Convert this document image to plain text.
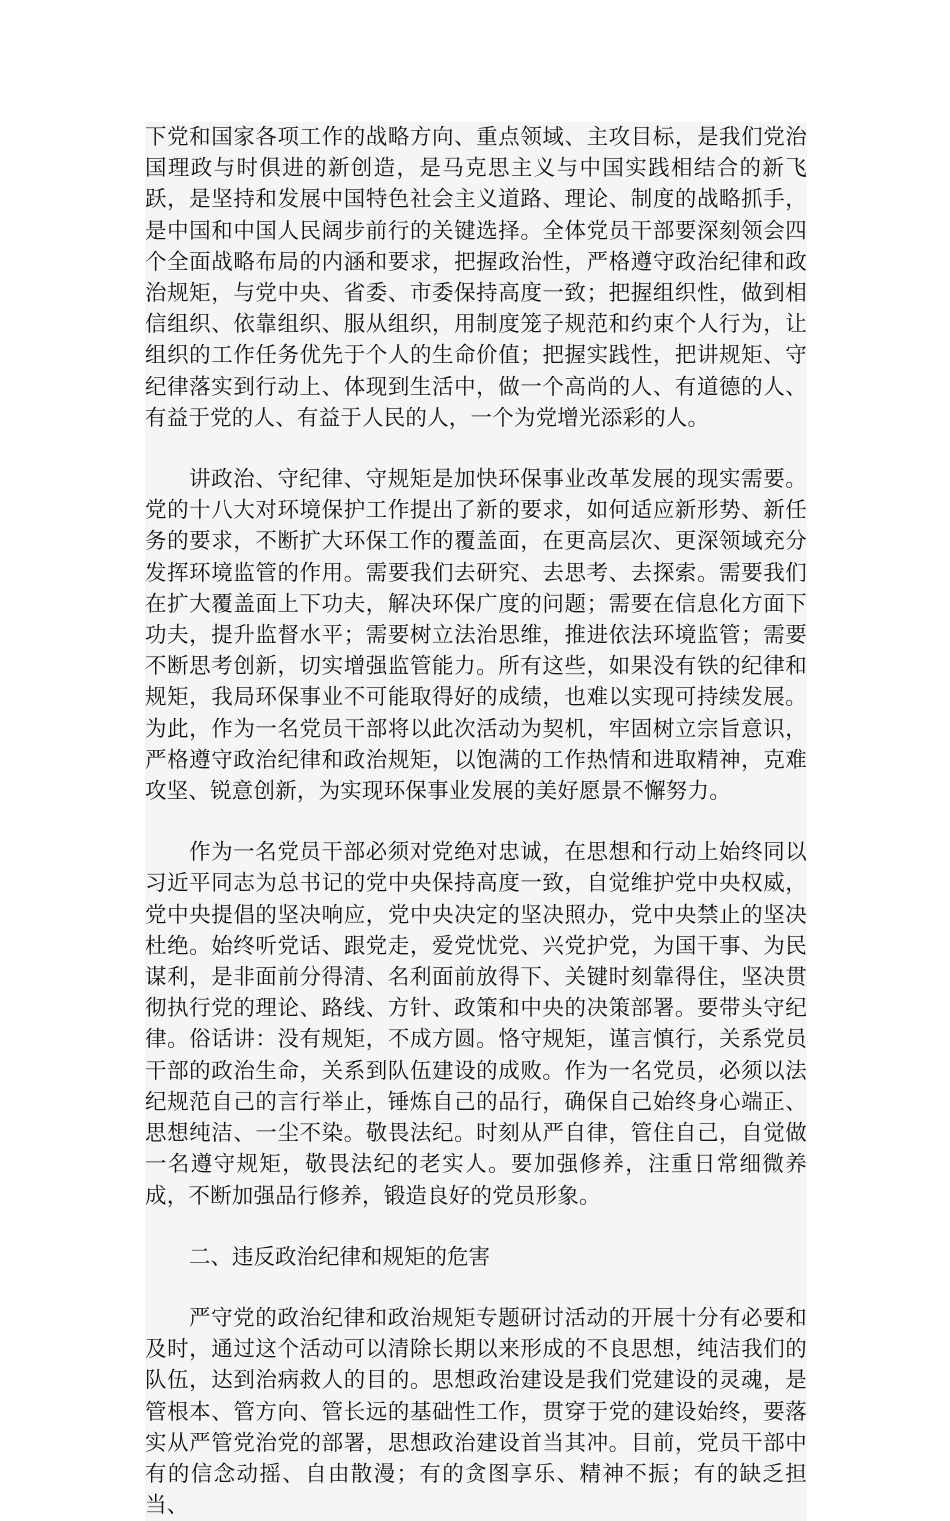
下党和国家各项工作的战略方向、重点领域、主攻目标，是我们党治国理政与时俱进的新创造，是马克思主义与中国实践相结合的新飞跃，是坚持和发展中国特色社会主义道路、理论、制度的战略抓手，是中国和中国人民阔步前行的关键选择。全体党员干部要深刻领会四个全面战略布局的内涵和要求，把握政治性，严格遵守政治纪律和政治规矩，与党中央、省委、市委保持高度一致；把握组织性，做到相信组织、依靠组织、服从组织，用制度笼子规范和约束个人行为，让组织的工作任务优先于个人的生命价值；把握实践性，把讲规矩、守纪律落实到行动上、体现到生活中，做一个高尚的人、有道德的人、有益于党的人、有益于人民的人，一个为党增光添彩的人。

讲政治、守纪律、守规矩是加快环保事业改革发展的现实需要。党的十八大对环境保护工作提出了新的要求，如何适应新形势、新任务的要求，不断扩大环保工作的覆盖面，在更高层次、更深领域充分发挥环境监管的作用。需要我们去研究、去思考、去探索。需要我们在扩大覆盖面上下功夫，解决环保广度的问题；需要在信息化方面下功夫，提升监督水平；需要树立法治思维，推进依法环境监管；需要不断思考创新，切实增强监管能力。所有这些，如果没有铁的纪律和规矩，我局环保事业不可能取得好的成绩，也难以实现可持续发展。为此，作为一名党员干部将以此次活动为契机，牢固树立宗旨意识，严格遵守政治纪律和政治规矩，以饱满的工作热情和进取精神，克难攻坚、锐意创新，为实现环保事业发展的美好愿景不懈努力。

作为一名党员干部必须对党绝对忠诚，在思想和行动上始终同以习近平同志为总书记的党中央保持高度一致，自觉维护党中央权威，党中央提倡的坚决响应，党中央决定的坚决照办，党中央禁止的坚决杜绝。始终听党话、跟党走，爱党忧党、兴党护党，为国干事、为民谋利，是非面前分得清、名利面前放得下、关键时刻靠得住，坚决贯彻执行党的理论、路线、方针、政策和中央的决策部署。要带头守纪律。俗话讲：没有规矩，不成方圆。恪守规矩，谨言慎行，关系党员干部的政治生命，关系到队伍建设的成败。作为一名党员，必须以法纪规范自己的言行举止，锤炼自己的品行，确保自己始终身心端正、思想纯洁、一尘不染。敬畏法纪。时刻从严自律，管住自己，自觉做一名遵守规矩，敬畏法纪的老实人。要加强修养，注重日常细微养成，不断加强品行修养，锻造良好的党员形象。

二、违反政治纪律和规矩的危害

严守党的政治纪律和政治规矩专题研讨活动的开展十分有必要和及时，通过这个活动可以清除长期以来形成的不良思想，纯洁我们的队伍，达到治病救人的目的。思想政治建设是我们党建设的灵魂，是管根本、管方向、管长远的基础性工作，贯穿于党的建设始终，要落实从严管党治党的部署，思想政治建设首当其冲。目前，党员干部中有的信念动摇、自由散漫；有的贪图享乐、精神不振；有的缺乏担当、
